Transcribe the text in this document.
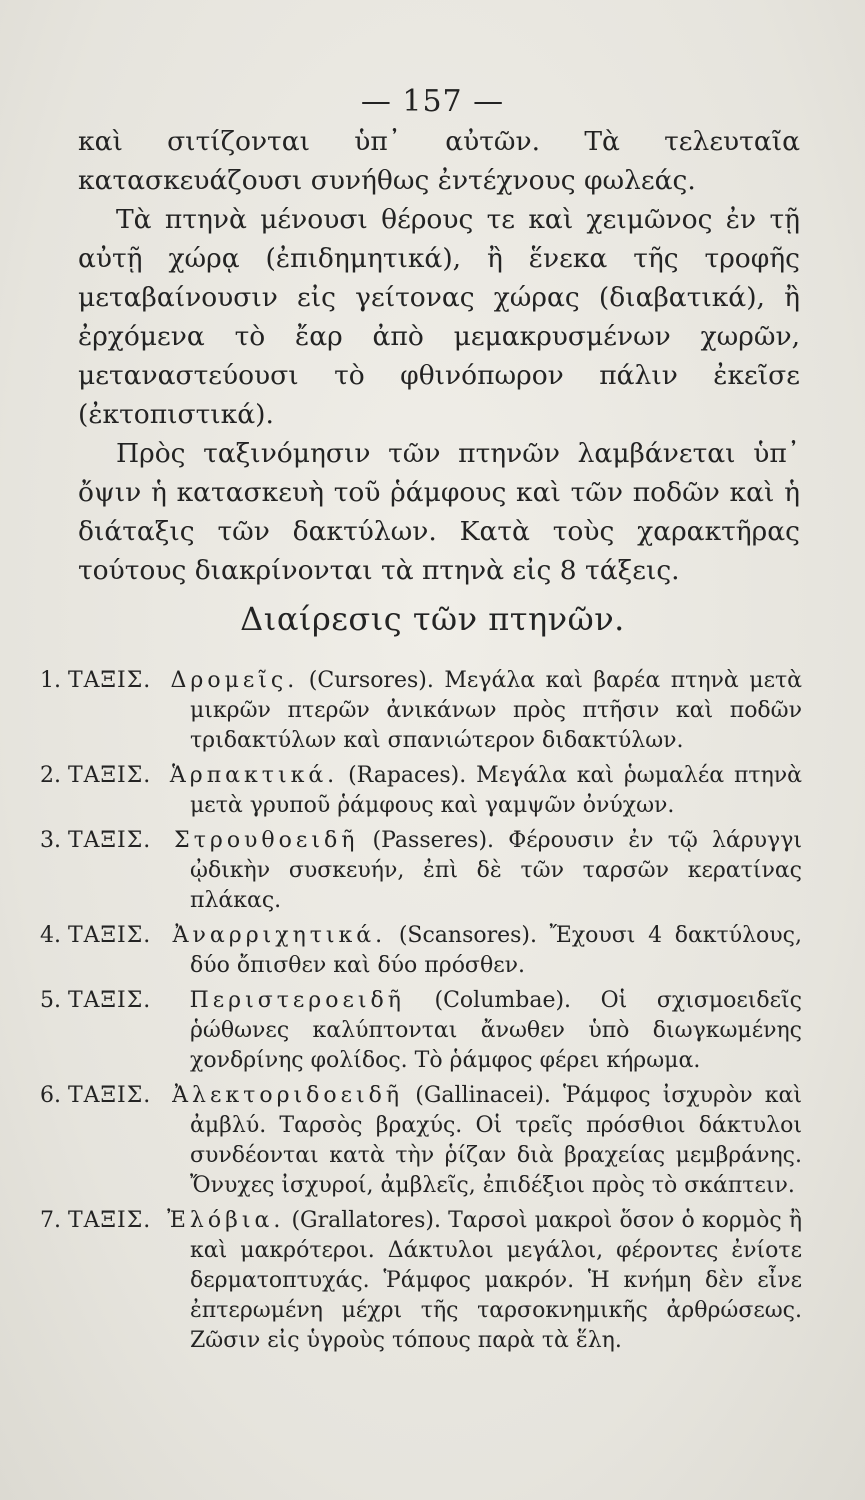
— 157 —

καὶ σιτίζονται ὑπ᾽ αὐτῶν. Τὰ τελευταῖα κατασκευάζουσι συνήθως ἐντέχνους φωλεάς.

Τὰ πτηνὰ μένουσι θέρους τε καὶ χειμῶνος ἐν τῇ αὐτῇ χώρᾳ (ἐπιδημητικά), ἢ ἕνεκα τῆς τροφῆς μεταβαίνουσιν εἰς γείτονας χώρας (διαβατικά), ἢ ἐρχόμενα τὸ ἔαρ ἀπὸ μεμακρυσμένων χωρῶν, μεταναστεύουσι τὸ φθινόπωρον πάλιν ἐκεῖσε (ἐκτοπιστικά).

Πρὸς ταξινόμησιν τῶν πτηνῶν λαμβάνεται ὑπ᾽ ὄψιν ἡ κατασκευὴ τοῦ ῥάμφους καὶ τῶν ποδῶν καὶ ἡ διάταξις τῶν δακτύλων. Κατὰ τοὺς χαρακτῆρας τούτους διακρίνονται τὰ πτηνὰ εἰς 8 τάξεις.

Διαίρεσις τῶν πτηνῶν.
1. ΤΑΞΙΣ. Δρομεῖς. (Cursores). Μεγάλα καὶ βαρέα πτηνὰ μετὰ μικρῶν πτερῶν ἀνικάνων πρὸς πτῆσιν καὶ ποδῶν τριδακτύλων καὶ σπανιώτερον διδακτύλων.
2. ΤΑΞΙΣ. Ἁρπακτικά. (Rapaces). Μεγάλα καὶ ῥωμαλέα πτηνὰ μετὰ γρυποῦ ῥάμφους καὶ γαμψῶν ὀνύχων.
3. ΤΑΞΙΣ. Στρουθοειδῆ (Passeres). Φέρουσιν ἐν τῷ λάρυγγι ᾠδικὴν συσκευήν, ἐπὶ δὲ τῶν ταρσῶν κερατίνας πλάκας.
4. ΤΑΞΙΣ. Ἀναρριχητικά. (Scansores). Ἔχουσι 4 δακτύλους, δύο ὄπισθεν καὶ δύο πρόσθεν.
5. ΤΑΞΙΣ. Περιστεροειδῆ (Columbae). Οἱ σχισμοειδεῖς ῥώθωνες καλύπτονται ἄνωθεν ὑπὸ διωγκωμένης χονδρίνης φολίδος. Τὸ ῥάμφος φέρει κήρωμα.
6. ΤΑΞΙΣ. Ἀλεκτοριδοειδῆ (Gallinacei). Ῥάμφος ἰσχυρὸν καὶ ἀμβλύ. Ταρσὸς βραχύς. Οἱ τρεῖς πρόσθιοι δάκτυλοι συνδέονται κατὰ τὴν ῥίζαν διὰ βραχείας μεμβράνης. Ὄνυχες ἰσχυροί, ἀμβλεῖς, ἐπιδέξιοι πρὸς τὸ σκάπτειν.
7. ΤΑΞΙΣ. Ἐλόβια. (Grallatores). Ταρσοὶ μακροὶ ὅσον ὁ κορμὸς ἢ καὶ μακρότεροι. Δάκτυλοι μεγάλοι, φέροντες ἐνίοτε δερματοπτυχάς. Ῥάμφος μακρόν. Ἡ κνήμη δὲν εἶνε ἐπτερωμένη μέχρι τῆς ταρσοκνημικῆς ἀρθρώσεως. Ζῶσιν εἰς ὑγροὺς τόπους παρὰ τὰ ἕλη.
